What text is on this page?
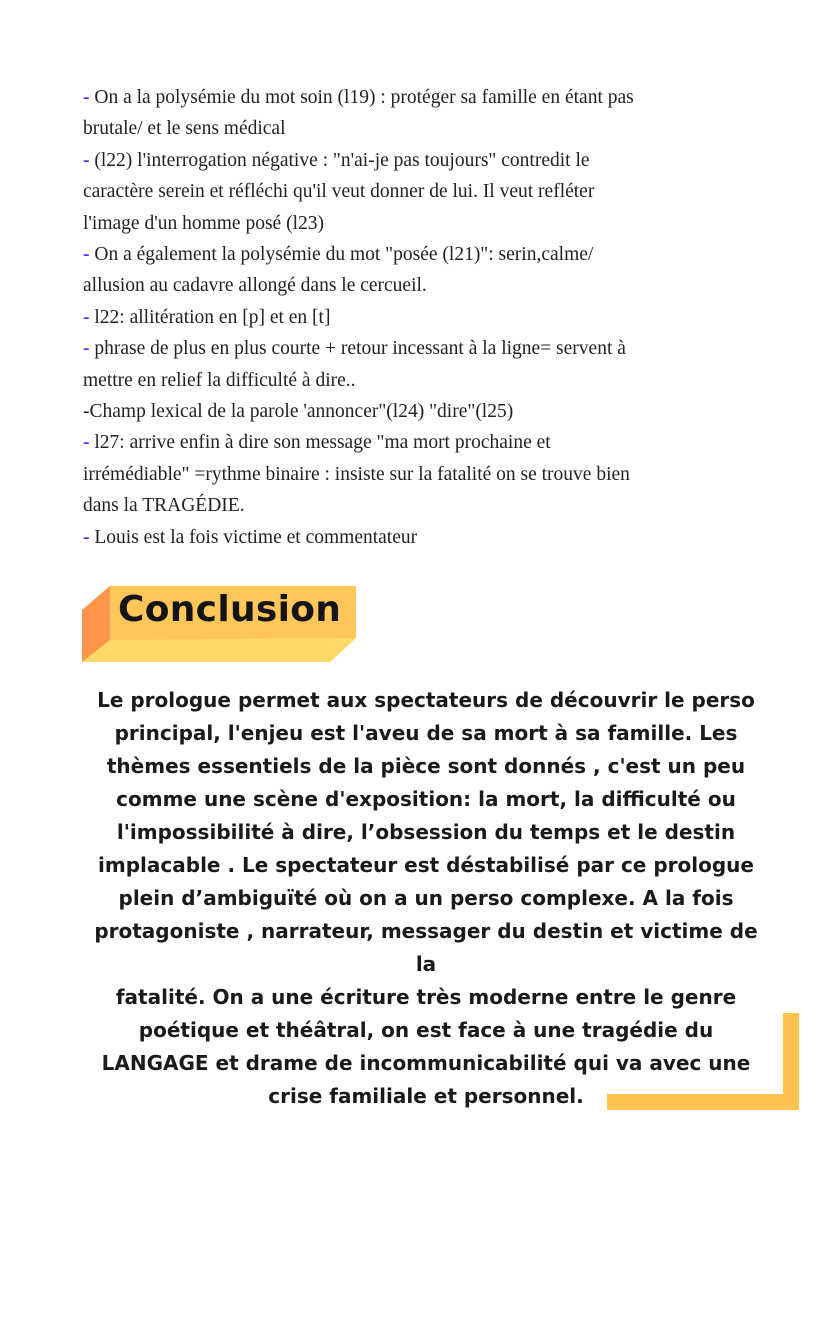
- On a la polysémie du mot soin (l19) : protéger sa famille en étant pas
brutale/ et le sens médical
- (l22) l'interrogation négative : "n'ai-je pas toujours" contredit le
caractère serein et réfléchi qu'il veut donner de lui. Il veut refléter
l'image d'un homme posé (l23)
- On a également la polysémie du mot "posée (l21)": serin,calme/
allusion au cadavre allongé dans le cercueil.
- l22: allitération en [p] et en [t]
- phrase de plus en plus courte + retour incessant à la ligne= servent à
mettre en relief la difficulté à dire..
-Champ lexical de la parole 'annoncer"(l24) "dire"(l25)
- l27: arrive enfin à dire son message "ma mort prochaine et
irrémédiable" =rythme binaire : insiste sur la fatalité on se trouve bien
dans la TRAGÉDIE.
- Louis est la fois victime et commentateur
Conclusion

Le prologue permet aux spectateurs de découvrir le perso
principal, l'enjeu est l'aveu de sa mort à sa famille. Les
thèmes essentiels de la pièce sont donnés , c'est un peu
comme une scène d'exposition: la mort, la difficulté ou
l'impossibilité à dire, l’obsession du temps et le destin
implacable . Le spectateur est déstabilisé par ce prologue
plein d’ambiguïté où on a un perso complexe. A la fois
protagoniste , narrateur, messager du destin et victime de la
fatalité. On a une écriture très moderne entre le genre
poétique et théâtral, on est face à une tragédie du
LANGAGE et drame de incommunicabilité qui va avec une
crise familiale et personnel.
